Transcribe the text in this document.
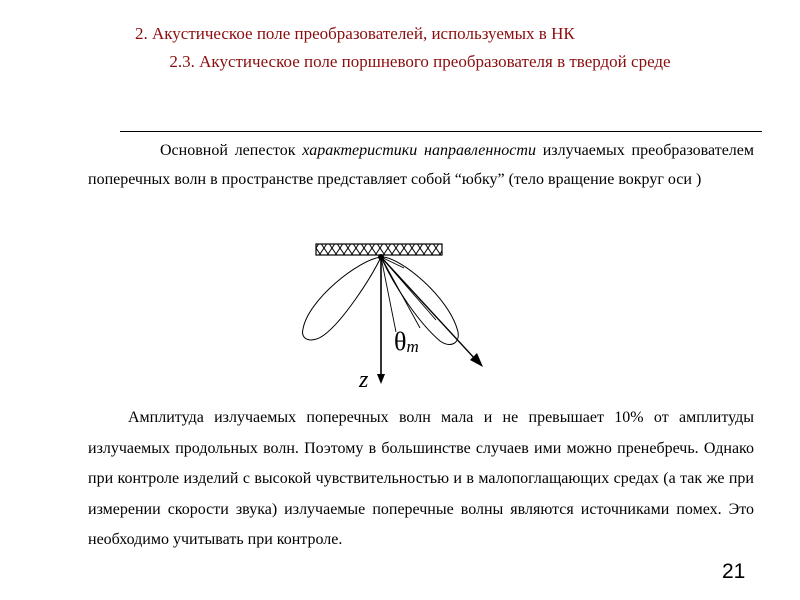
2. Акустическое поле преобразователей, используемых в НК
2.3. Акустическое поле поршневого преобразователя в твердой среде
Основной лепесток характеристики направленности излучаемых преобразователем поперечных волн в пространстве представляет собой “юбку” (тело вращение вокруг оси )
z
θm
Амплитуда излучаемых поперечных волн мала и не превышает 10% от амплитуды излучаемых продольных волн. Поэтому в большинстве случаев ими можно пренебречь. Однако при контроле изделий с высокой чувствительностью и в малопоглащающих средах (а так же при измерении скорости звука) излучаемые поперечные волны являются источниками помех. Это необходимо учитывать при контроле.
21
